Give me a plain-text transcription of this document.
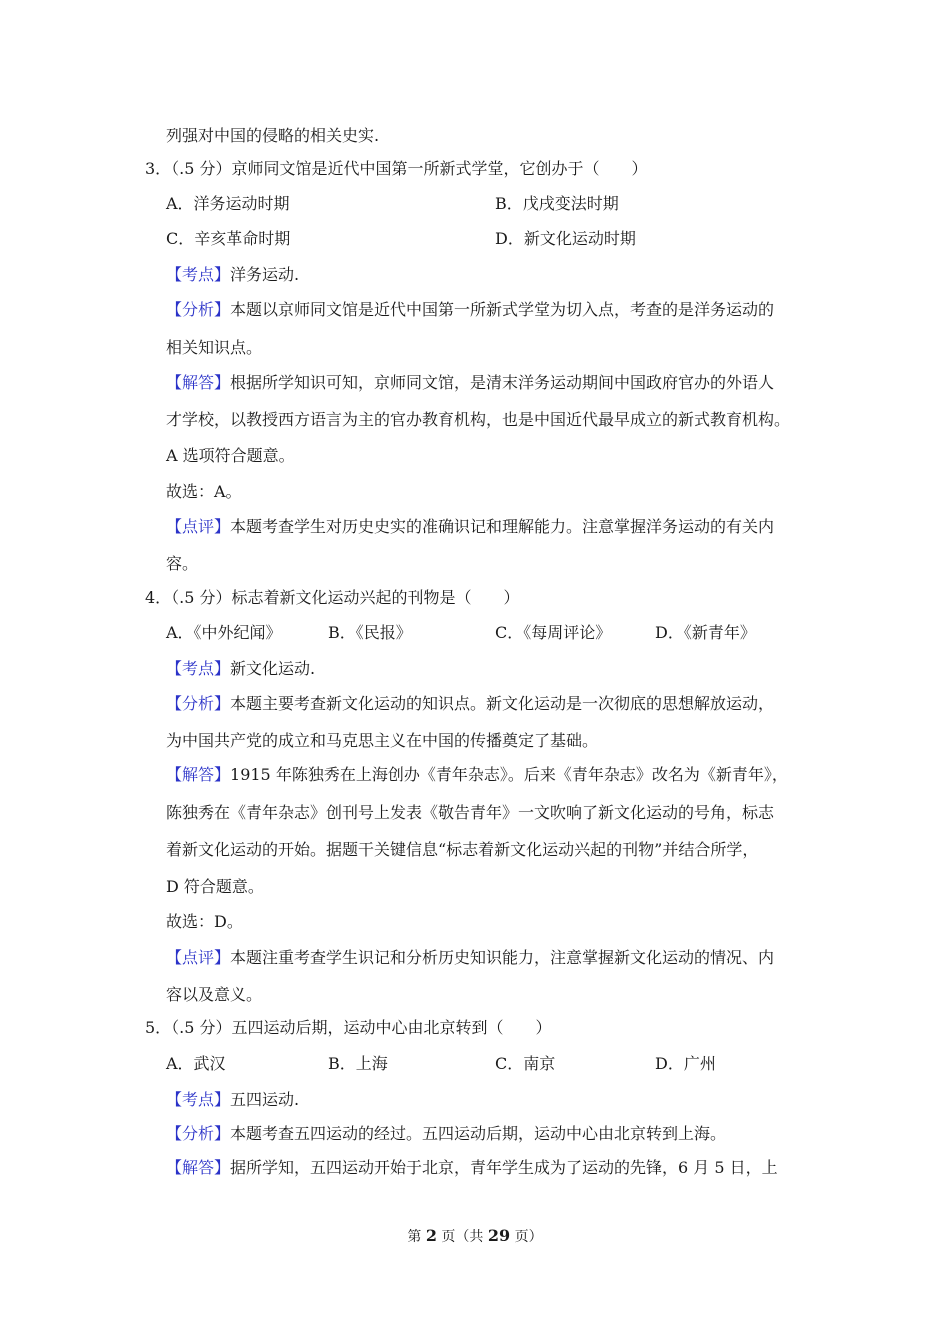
列强对中国的侵略的相关史实.
3．（.5 分）京师同文馆是近代中国第一所新式学堂，它创办于（　　）
A．洋务运动时期	B．戊戌变法时期
C．辛亥革命时期	D．新文化运动时期
【考点】洋务运动.
【分析】本题以京师同文馆是近代中国第一所新式学堂为切入点，考查的是洋务运动的
相关知识点。
【解答】根据所学知识可知，京师同文馆，是清末洋务运动期间中国政府官办的外语人
才学校，以教授西方语言为主的官办教育机构，也是中国近代最早成立的新式教育机构。
A 选项符合题意。
故选：A。
【点评】本题考查学生对历史史实的准确识记和理解能力。注意掌握洋务运动的有关内
容。
4．（.5 分）标志着新文化运动兴起的刊物是（　　）
A．《中外纪闻》	B．《民报》	C．《每周评论》	D．《新青年》
【考点】新文化运动.
【分析】本题主要考查新文化运动的知识点。新文化运动是一次彻底的思想解放运动，
为中国共产党的成立和马克思主义在中国的传播奠定了基础。
【解答】1915 年陈独秀在上海创办《青年杂志》。后来《青年杂志》改名为《新青年》，
陈独秀在《青年杂志》创刊号上发表《敬告青年》一文吹响了新文化运动的号角，标志
着新文化运动的开始。据题干关键信息“标志着新文化运动兴起的刊物”并结合所学，
D 符合题意。
故选：D。
【点评】本题注重考查学生识记和分析历史知识能力，注意掌握新文化运动的情况、内
容以及意义。
5．（.5 分）五四运动后期，运动中心由北京转到（　　）
A．武汉	B．上海	C．南京	D．广州
【考点】五四运动.
【分析】本题考查五四运动的经过。五四运动后期，运动中心由北京转到上海。
【解答】据所学知，五四运动开始于北京，青年学生成为了运动的先锋，6 月 5 日，上
第 2 页（共 29 页）
